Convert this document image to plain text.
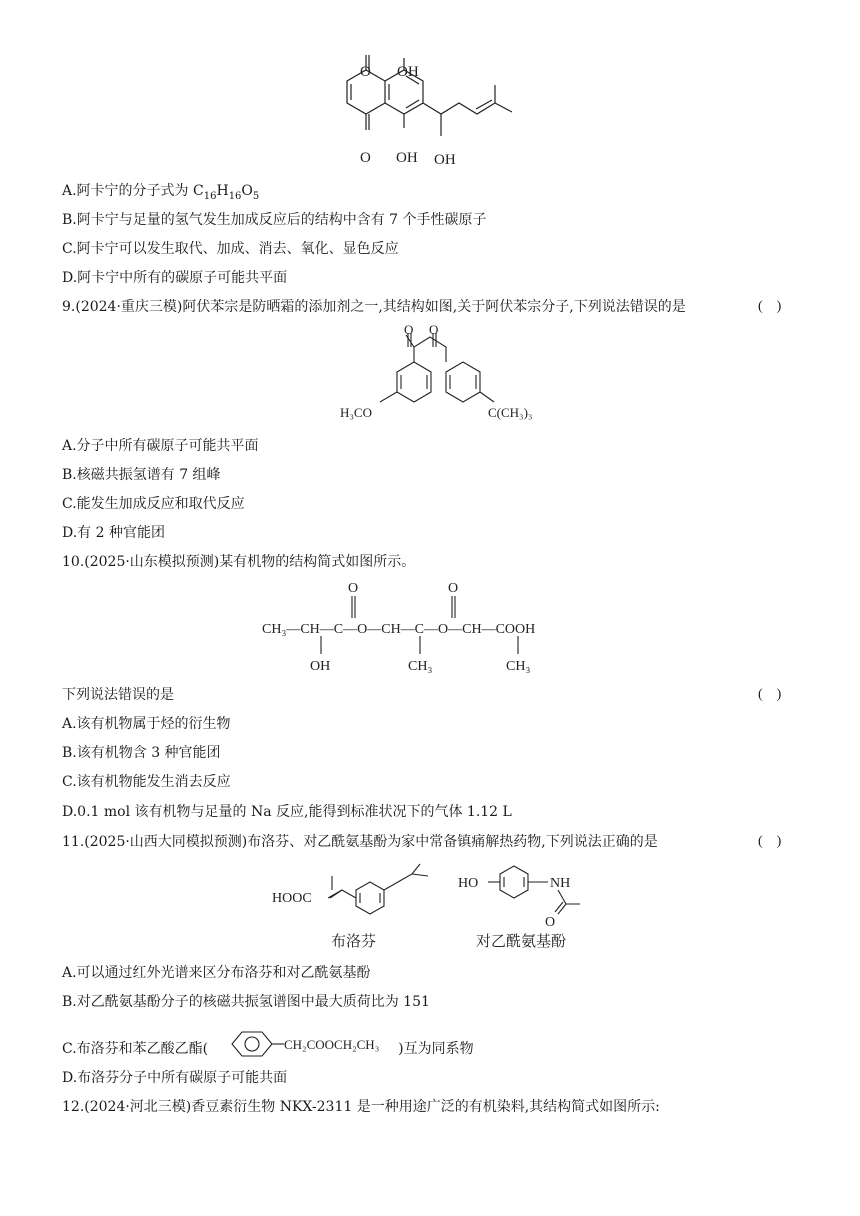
O OH
O OH OH
A.阿卡宁的分子式为 $C_{16}H_{16}O_5$
B.阿卡宁与足量的氢气发生加成反应后的结构中含有 7 个手性碳原子
C.阿卡宁可以发生取代、加成、消去、氧化、显色反应
D.阿卡宁中所有的碳原子可能共平面
9.(2024·重庆三模)阿伏苯宗是防晒霜的添加剂之一,其结构如图,关于阿伏苯宗分子,下列说法错误的是	(    )
O O
H₃CO	C(CH₃)₃
A.分子中所有碳原子可能共平面
B.核磁共振氢谱有 7 组峰
C.能发生加成反应和取代反应
D.有 2 种官能团
10.(2025·山东模拟预测)某有机物的结构简式如图所示。
O	O
CH₃—CH—C—O—CH—C—O—CH—COOH
OH	CH₃	CH₃
下列说法错误的是	(    )
A.该有机物属于烃的衍生物
B.该有机物含 3 种官能团
C.该有机物能发生消去反应
D.0.1 mol 该有机物与足量的 Na 反应,能得到标准状况下的气体 1.12 L
11.(2025·山西大同模拟预测)布洛芬、对乙酰氨基酚为家中常备镇痛解热药物,下列说法正确的是	(    )
HOOC
HO	NH
O
布洛芬	对乙酰氨基酚
A.可以通过红外光谱来区分布洛芬和对乙酰氨基酚
B.对乙酰氨基酚分子的核磁共振氢谱图中最大质荷比为 151
C.布洛芬和苯乙酸乙酯(	)互为同系物
CH₂COOCH₂CH₃
D.布洛芬分子中所有碳原子可能共面
12.(2024·河北三模)香豆素衍生物 NKX-2311 是一种用途广泛的有机染料,其结构简式如图所示:
